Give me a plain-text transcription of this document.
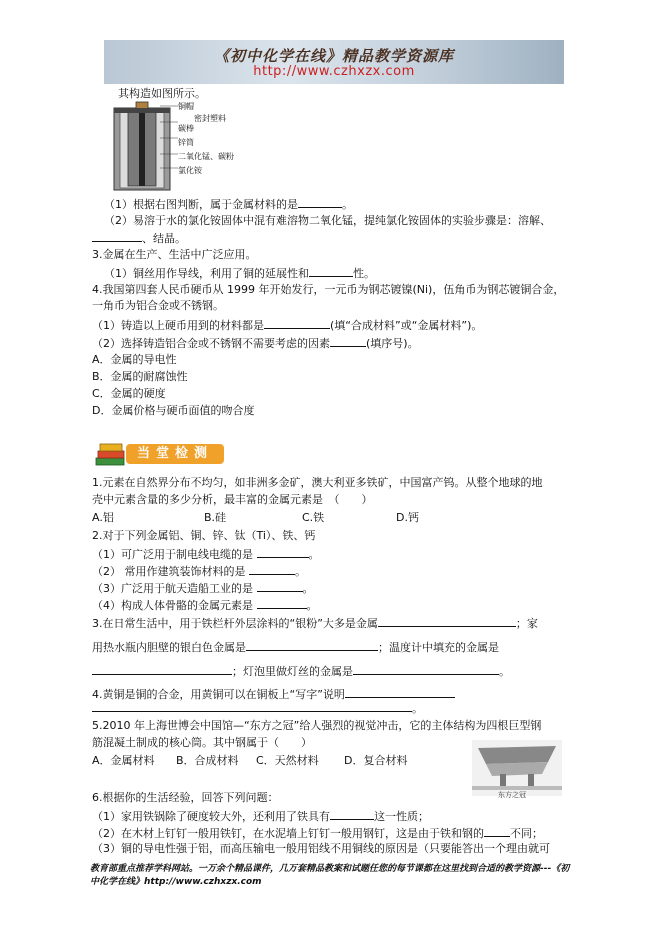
《初中化学在线》精品教学资源库
http://www.czhxzx.com
其构造如图所示。
铜帽
密封塑料
碳棒
锌筒
二氧化锰、碳粉
氯化铵
（1）根据右图判断，属于金属材料的是	。
（2）易溶于水的氯化铵固体中混有难溶物二氧化锰，提纯氯化铵固体的实验步骤是：溶解、
、结晶。
3.金属在生产、生活中广泛应用。
（1）铜丝用作导线，利用了铜的延展性和	性。
4.我国第四套人民币硬币从 1999 年开始发行，一元币为钢芯镀镍(Ni)，伍角币为钢芯镀铜合金，
一角币为铝合金或不锈钢。
（1）铸造以上硬币用到的材料都是	(填“合成材料”或“金属材料”)。
（2）选择铸造铝合金或不锈钢不需要考虑的因素	(填序号)。
A．金属的导电性
B．金属的耐腐蚀性
C．金属的硬度
D．金属价格与硬币面值的吻合度
当堂检测
1.元素在自然界分布不均匀，如非洲多金矿，澳大利亚多铁矿，中国富产钨。从整个地球的地
壳中元素含量的多少分析，最丰富的金属元素是　（　　）
A.铝	B.硅	C.铁	D.钙
2.对于下列金属铝、铜、锌、钛（Ti）、铁、钙
（1）可广泛用于制电线电缆的是	。
（2） 常用作建筑装饰材料的是	。
（3）广泛用于航天造船工业的是	。
（4）构成人体骨骼的金属元素是	。
3.在日常生活中，用于铁栏杆外层涂料的“银粉”大多是金属	；家
用热水瓶内胆壁的银白色金属是	；温度计中填充的金属是
；灯泡里做灯丝的金属是	。
4.黄铜是铜的合金，用黄铜可以在铜板上“写字”说明
。
5.2010 年上海世博会中国馆—“东方之冠”给人强烈的视觉冲击，它的主体结构为四根巨型钢
筋混凝土制成的核心筒。其中钢属于（　　）
A．金属材料 B．合成材料 C．天然材料 D．复合材料
东方之冠
6.根据你的生活经验，回答下列问题：
（1）家用铁锅除了硬度较大外，还利用了铁具有	这一性质；
（2）在木材上钉钉一般用铁钉，在水泥墙上钉钉一般用钢钉，这是由于铁和钢的 不同；
（3）铜的导电性强于铝，而高压输电一般用铝线不用铜线的原因是（只要能答出一个理由就可
教育部重点推荐学科网站。一万余个精品课件，几万套精品教案和试题任您的每节课都在这里找到合适的教学资源---《初中化学在线》http://www.czhxzx.com
